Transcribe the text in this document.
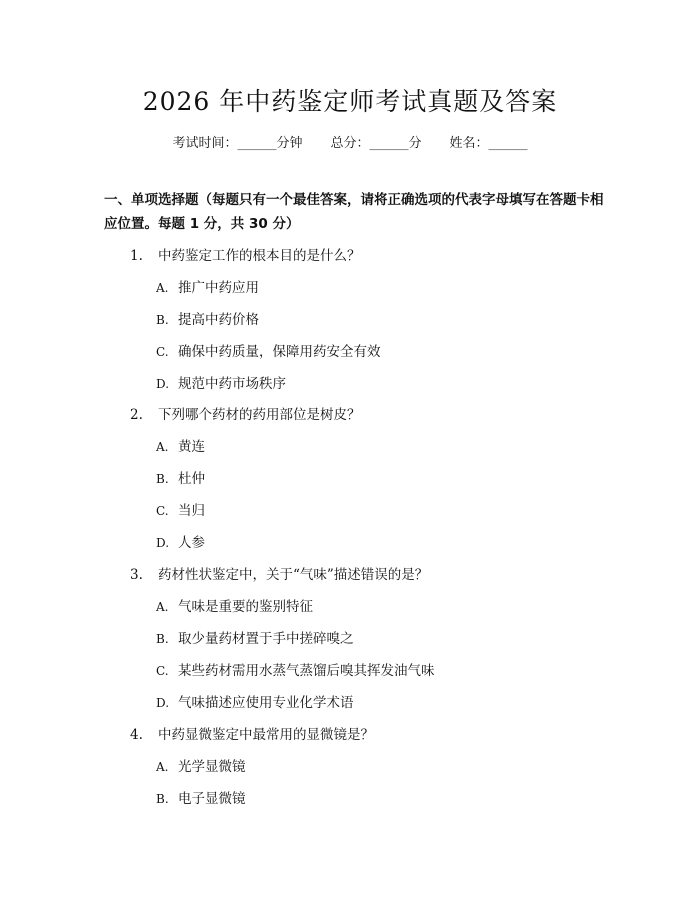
2026 年中药鉴定师考试真题及答案
考试时间：______分钟 总分：______分 姓名：______
一、单项选择题（每题只有一个最佳答案，请将正确选项的代表字母填写在答题卡相应位置。每题 1 分，共 30 分）
1. 中药鉴定工作的根本目的是什么？
A. 推广中药应用
B. 提高中药价格
C. 确保中药质量，保障用药安全有效
D. 规范中药市场秩序
2. 下列哪个药材的药用部位是树皮？
A. 黄连
B. 杜仲
C. 当归
D. 人参
3. 药材性状鉴定中，关于“气味”描述错误的是？
A. 气味是重要的鉴别特征
B. 取少量药材置于手中搓碎嗅之
C. 某些药材需用水蒸气蒸馏后嗅其挥发油气味
D. 气味描述应使用专业化学术语
4. 中药显微鉴定中最常用的显微镜是？
A. 光学显微镜
B. 电子显微镜
